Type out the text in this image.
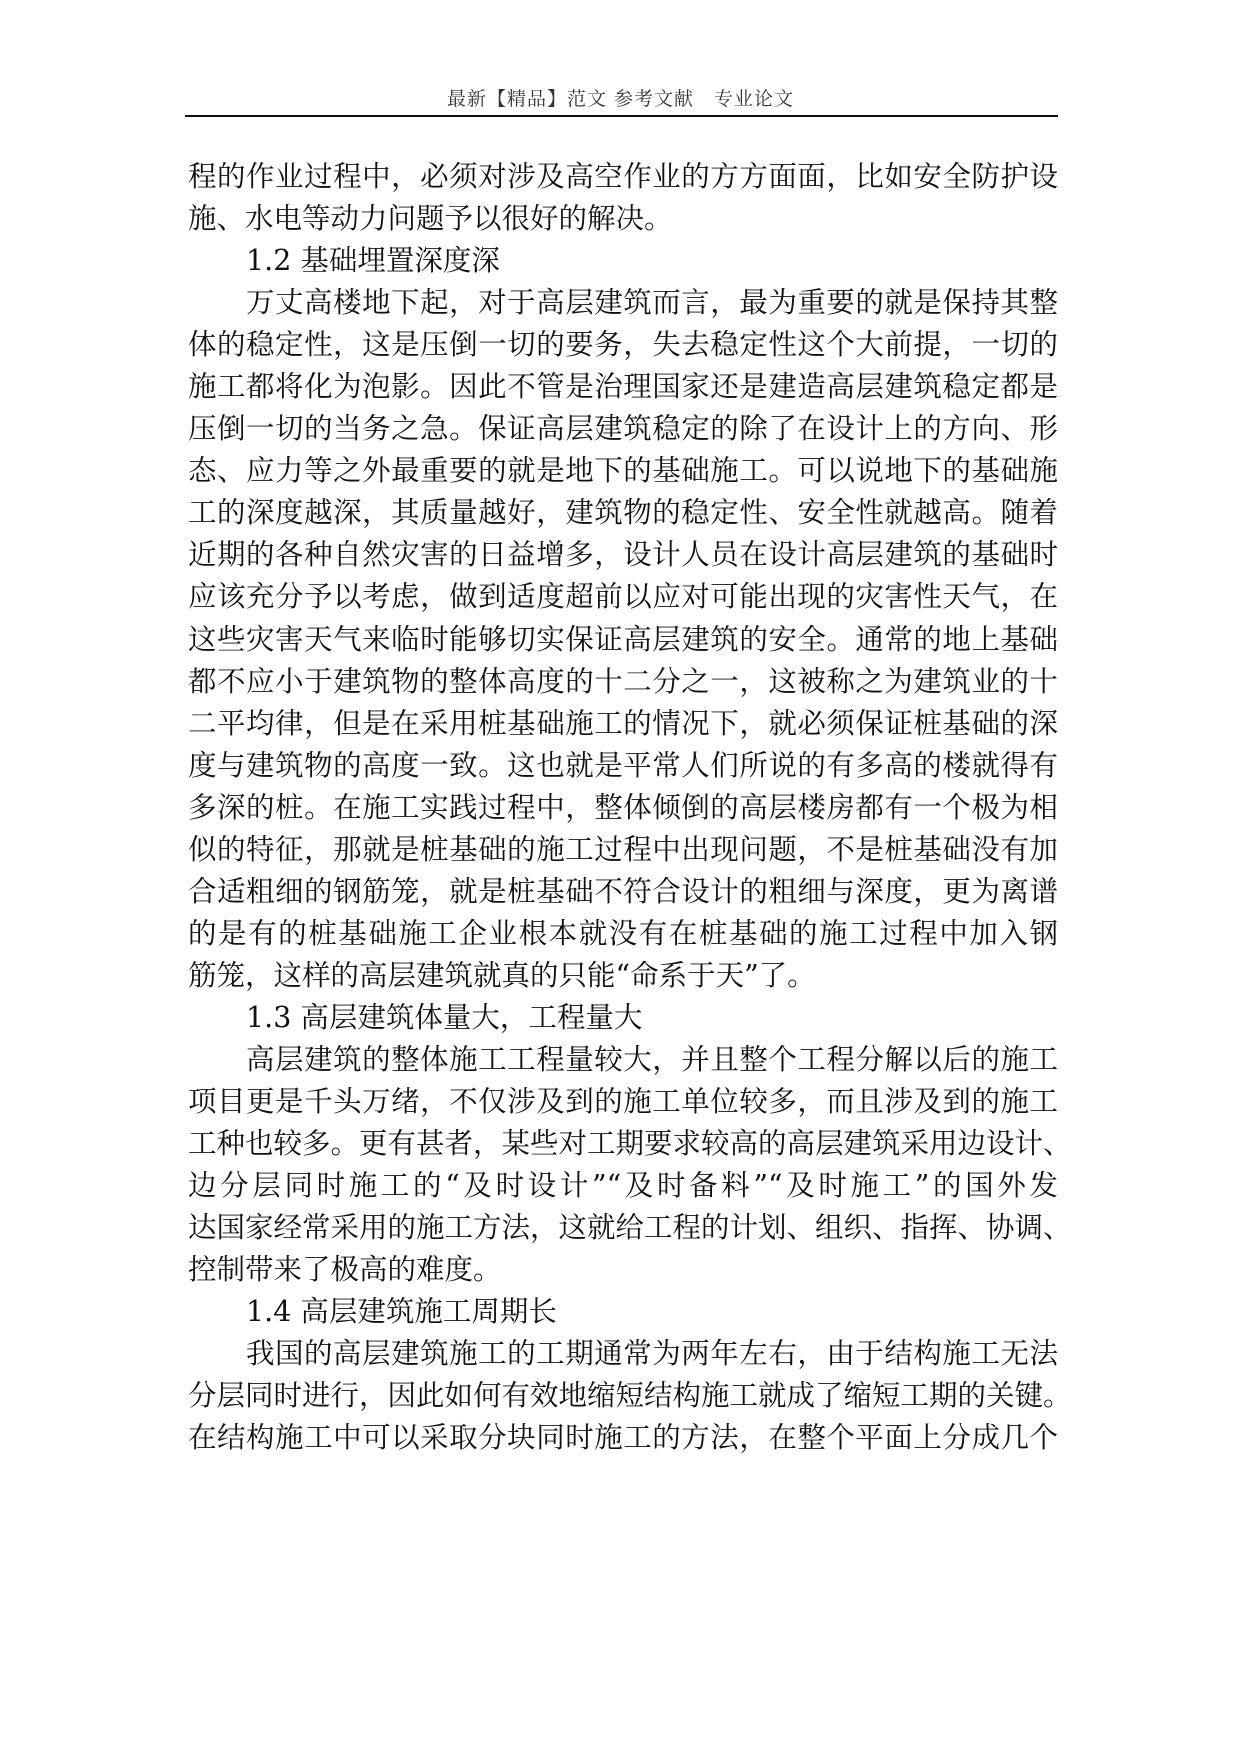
最新【精品】范文 参考文献　专业论文
程的作业过程中，必须对涉及高空作业的方方面面，比如安全防护设
施、水电等动力问题予以很好的解决。
1.2 基础埋置深度深
万丈高楼地下起，对于高层建筑而言，最为重要的就是保持其整
体的稳定性，这是压倒一切的要务，失去稳定性这个大前提，一切的
施工都将化为泡影。因此不管是治理国家还是建造高层建筑稳定都是
压倒一切的当务之急。保证高层建筑稳定的除了在设计上的方向、形
态、应力等之外最重要的就是地下的基础施工。可以说地下的基础施
工的深度越深，其质量越好，建筑物的稳定性、安全性就越高。随着
近期的各种自然灾害的日益增多，设计人员在设计高层建筑的基础时
应该充分予以考虑，做到适度超前以应对可能出现的灾害性天气，在
这些灾害天气来临时能够切实保证高层建筑的安全。通常的地上基础
都不应小于建筑物的整体高度的十二分之一，这被称之为建筑业的十
二平均律，但是在采用桩基础施工的情况下，就必须保证桩基础的深
度与建筑物的高度一致。这也就是平常人们所说的有多高的楼就得有
多深的桩。在施工实践过程中，整体倾倒的高层楼房都有一个极为相
似的特征，那就是桩基础的施工过程中出现问题，不是桩基础没有加
合适粗细的钢筋笼，就是桩基础不符合设计的粗细与深度，更为离谱
的是有的桩基础施工企业根本就没有在桩基础的施工过程中加入钢
筋笼，这样的高层建筑就真的只能“命系于天”了。
1.3 高层建筑体量大，工程量大
高层建筑的整体施工工程量较大，并且整个工程分解以后的施工
项目更是千头万绪，不仅涉及到的施工单位较多，而且涉及到的施工
工种也较多。更有甚者，某些对工期要求较高的高层建筑采用边设计、
边分层同时施工的“及时设计”“及时备料”“及时施工”的国外发
达国家经常采用的施工方法，这就给工程的计划、组织、指挥、协调、
控制带来了极高的难度。
1.4 高层建筑施工周期长
我国的高层建筑施工的工期通常为两年左右，由于结构施工无法
分层同时进行，因此如何有效地缩短结构施工就成了缩短工期的关键。
在结构施工中可以采取分块同时施工的方法，在整个平面上分成几个
